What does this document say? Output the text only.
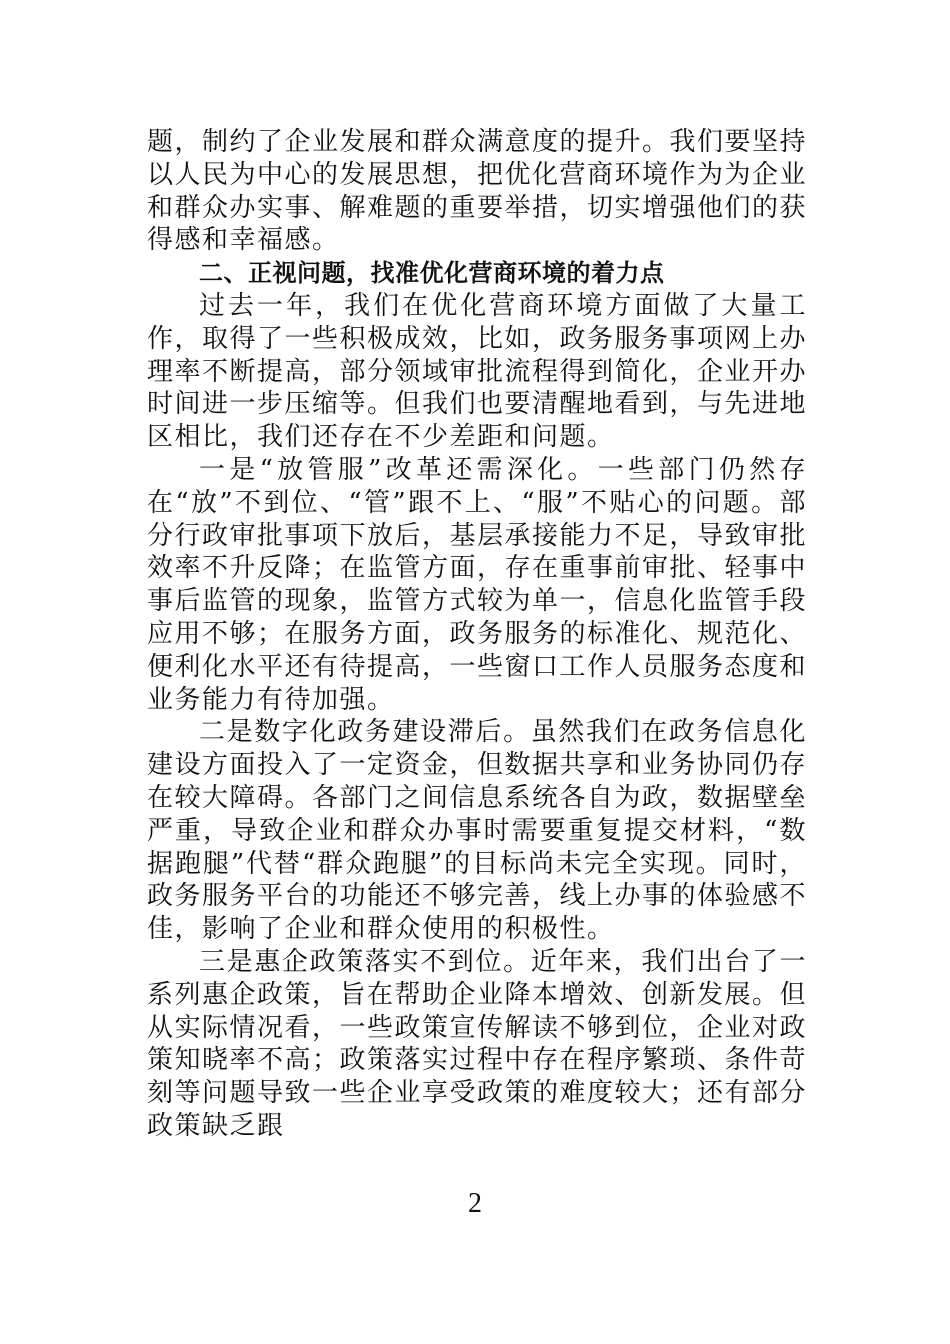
题，制约了企业发展和群众满意度的提升。我们要坚持以人民为中心的发展思想，把优化营商环境作为为企业和群众办实事、解难题的重要举措，切实增强他们的获得感和幸福感。

二、正视问题，找准优化营商环境的着力点

过去一年，我们在优化营商环境方面做了大量工作，取得了一些积极成效，比如，政务服务事项网上办理率不断提高，部分领域审批流程得到简化，企业开办时间进一步压缩等。但我们也要清醒地看到，与先进地区相比，我们还存在不少差距和问题。

一是“放管服”改革还需深化。一些部门仍然存在“放”不到位、“管”跟不上、“服”不贴心的问题。部分行政审批事项下放后，基层承接能力不足，导致审批效率不升反降；在监管方面，存在重事前审批、轻事中事后监管的现象，监管方式较为单一，信息化监管手段应用不够；在服务方面，政务服务的标准化、规范化、便利化水平还有待提高，一些窗口工作人员服务态度和业务能力有待加强。

二是数字化政务建设滞后。虽然我们在政务信息化建设方面投入了一定资金，但数据共享和业务协同仍存在较大障碍。各部门之间信息系统各自为政，数据壁垒严重，导致企业和群众办事时需要重复提交材料，“数据跑腿”代替“群众跑腿”的目标尚未完全实现。同时，政务服务平台的功能还不够完善，线上办事的体验感不佳，影响了企业和群众使用的积极性。

三是惠企政策落实不到位。近年来，我们出台了一系列惠企政策，旨在帮助企业降本增效、创新发展。但从实际情况看，一些政策宣传解读不够到位，企业对政策知晓率不高；政策落实过程中存在程序繁琐、条件苛刻等问题导致一些企业享受政策的难度较大；还有部分政策缺乏跟

2
